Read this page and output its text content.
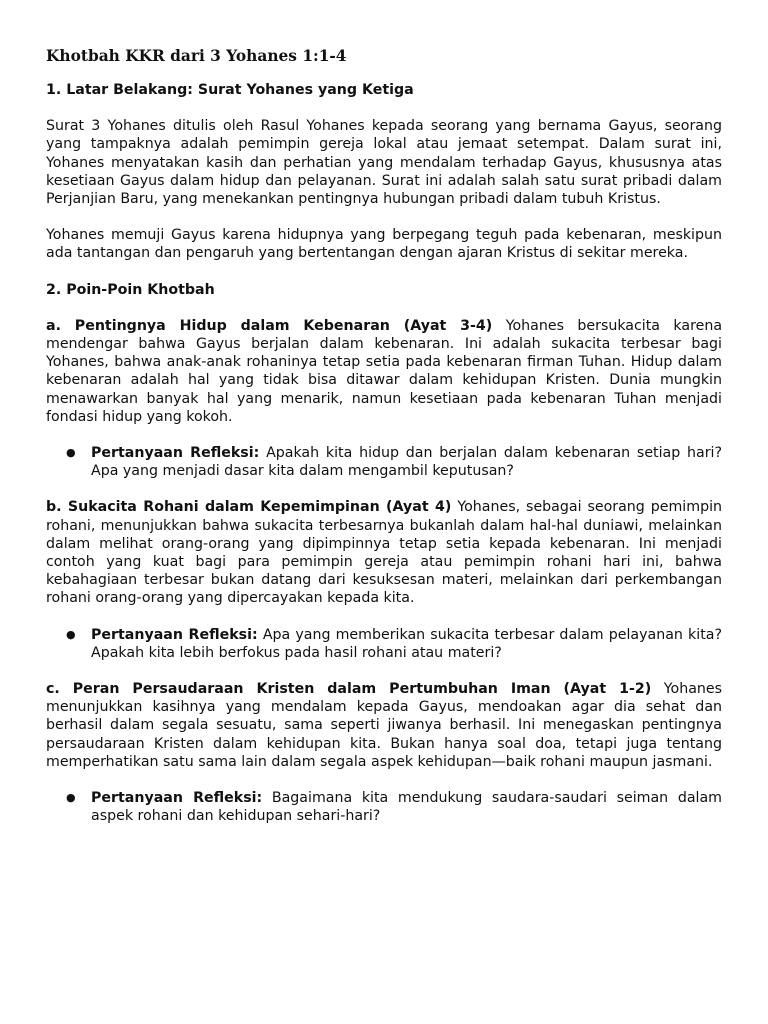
Khotbah KKR dari 3 Yohanes 1:1-4
1. Latar Belakang: Surat Yohanes yang Ketiga

Surat 3 Yohanes ditulis oleh Rasul Yohanes kepada seorang yang bernama Gayus, seorang yang tampaknya adalah pemimpin gereja lokal atau jemaat setempat. Dalam surat ini, Yohanes menyatakan kasih dan perhatian yang mendalam terhadap Gayus, khususnya atas kesetiaan Gayus dalam hidup dan pelayanan. Surat ini adalah salah satu surat pribadi dalam Perjanjian Baru, yang menekankan pentingnya hubungan pribadi dalam tubuh Kristus.

Yohanes memuji Gayus karena hidupnya yang berpegang teguh pada kebenaran, meskipun ada tantangan dan pengaruh yang bertentangan dengan ajaran Kristus di sekitar mereka.

2. Poin-Poin Khotbah

a. Pentingnya Hidup dalam Kebenaran (Ayat 3-4) Yohanes bersukacita karena mendengar bahwa Gayus berjalan dalam kebenaran. Ini adalah sukacita terbesar bagi Yohanes, bahwa anak-anak rohaninya tetap setia pada kebenaran firman Tuhan. Hidup dalam kebenaran adalah hal yang tidak bisa ditawar dalam kehidupan Kristen. Dunia mungkin menawarkan banyak hal yang menarik, namun kesetiaan pada kebenaran Tuhan menjadi fondasi hidup yang kokoh.

● Pertanyaan Refleksi: Apakah kita hidup dan berjalan dalam kebenaran setiap hari? Apa yang menjadi dasar kita dalam mengambil keputusan?

b. Sukacita Rohani dalam Kepemimpinan (Ayat 4) Yohanes, sebagai seorang pemimpin rohani, menunjukkan bahwa sukacita terbesarnya bukanlah dalam hal-hal duniawi, melainkan dalam melihat orang-orang yang dipimpinnya tetap setia kepada kebenaran. Ini menjadi contoh yang kuat bagi para pemimpin gereja atau pemimpin rohani hari ini, bahwa kebahagiaan terbesar bukan datang dari kesuksesan materi, melainkan dari perkembangan rohani orang-orang yang dipercayakan kepada kita.

● Pertanyaan Refleksi: Apa yang memberikan sukacita terbesar dalam pelayanan kita? Apakah kita lebih berfokus pada hasil rohani atau materi?

c. Peran Persaudaraan Kristen dalam Pertumbuhan Iman (Ayat 1-2) Yohanes menunjukkan kasihnya yang mendalam kepada Gayus, mendoakan agar dia sehat dan berhasil dalam segala sesuatu, sama seperti jiwanya berhasil. Ini menegaskan pentingnya persaudaraan Kristen dalam kehidupan kita. Bukan hanya soal doa, tetapi juga tentang memperhatikan satu sama lain dalam segala aspek kehidupan—baik rohani maupun jasmani.

● Pertanyaan Refleksi: Bagaimana kita mendukung saudara-saudari seiman dalam aspek rohani dan kehidupan sehari-hari?
